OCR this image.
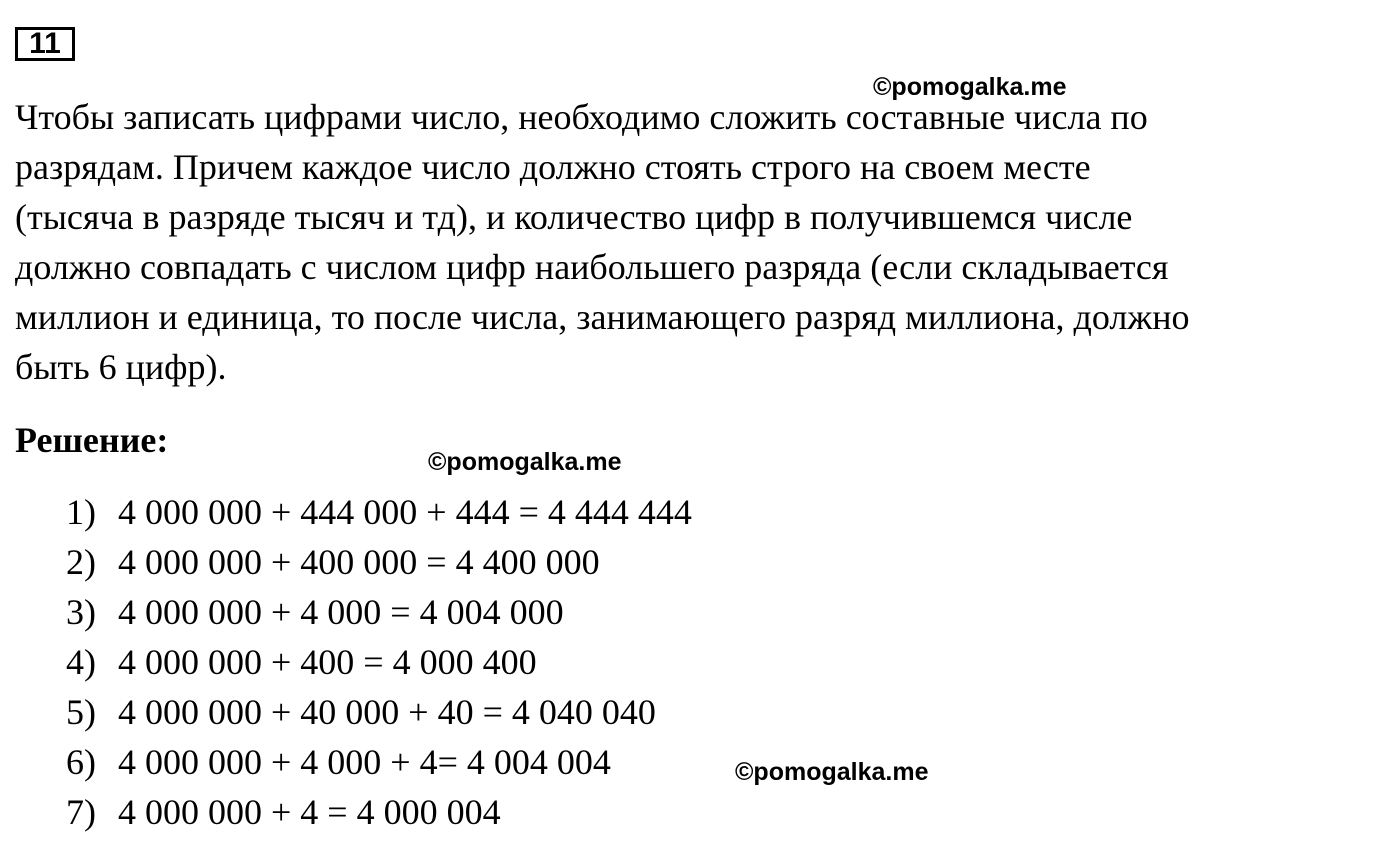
11
©pomogalka.me
Чтобы записать цифрами число, необходимо сложить составные числа по
разрядам. Причем каждое число должно стоять строго на своем месте
(тысяча в разряде тысяч и тд), и количество цифр в получившемся числе
должно совпадать с числом цифр наибольшего разряда (если складывается
миллион и единица, то после числа, занимающего разряд миллиона, должно
быть 6 цифр).
Решение:
©pomogalka.me
1) 4 000 000 + 444 000 + 444 = 4 444 444
2) 4 000 000 + 400 000 = 4 400 000
3) 4 000 000 + 4 000 = 4 004 000
4) 4 000 000 + 400 = 4 000 400
5) 4 000 000 + 40 000 + 40 = 4 040 040
6) 4 000 000 + 4 000 + 4= 4 004 004
7) 4 000 000 + 4 = 4 000 004
©pomogalka.me
